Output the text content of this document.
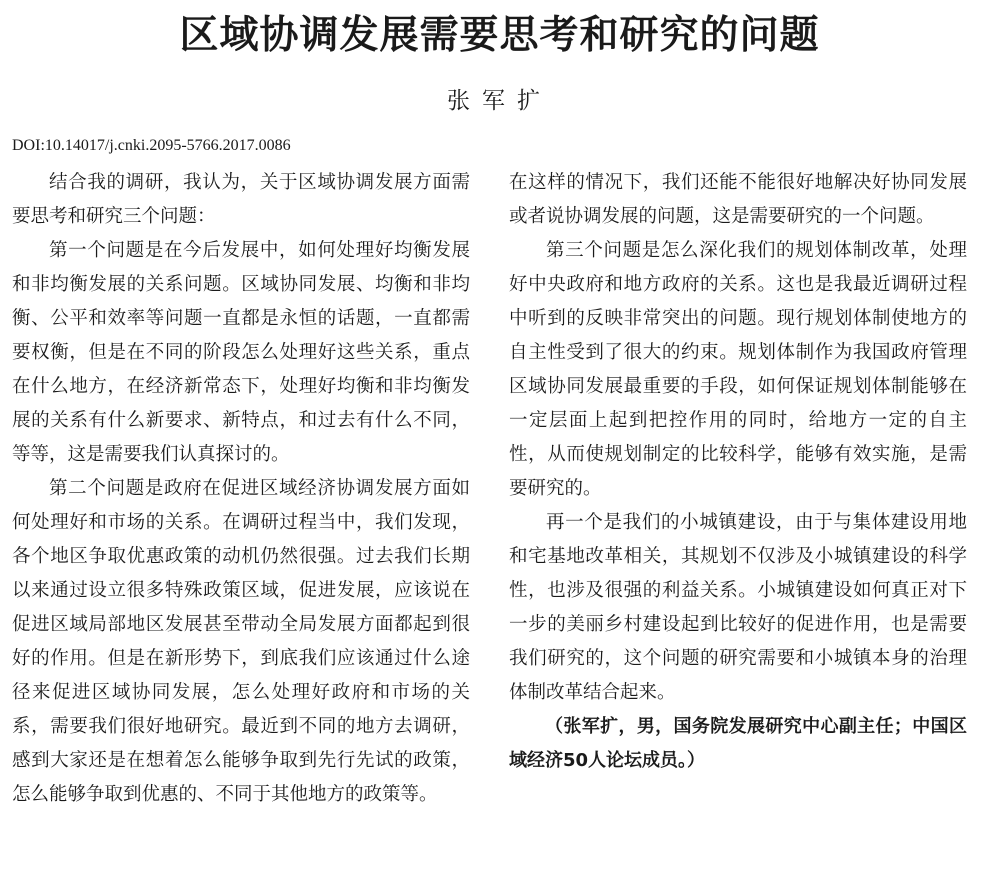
区域协调发展需要思考和研究的问题
张军扩
DOI:10.14017/j.cnki.2095-5766.2017.0086

结合我的调研，我认为，关于区域协调发展方面需要思考和研究三个问题：

第一个问题是在今后发展中，如何处理好均衡发展和非均衡发展的关系问题。区域协同发展、均衡和非均衡、公平和效率等问题一直都是永恒的话题，一直都需要权衡，但是在不同的阶段怎么处理好这些关系，重点在什么地方，在经济新常态下，处理好均衡和非均衡发展的关系有什么新要求、新特点，和过去有什么不同，等等，这是需要我们认真探讨的。

第二个问题是政府在促进区域经济协调发展方面如何处理好和市场的关系。在调研过程当中，我们发现，各个地区争取优惠政策的动机仍然很强。过去我们长期以来通过设立很多特殊政策区域，促进发展，应该说在促进区域局部地区发展甚至带动全局发展方面都起到很好的作用。但是在新形势下，到底我们应该通过什么途径来促进区域协同发展，怎么处理好政府和市场的关系，需要我们很好地研究。最近到不同的地方去调研，感到大家还是在想着怎么能够争取到先行先试的政策，怎么能够争取到优惠的、不同于其他地方的政策等。

在这样的情况下，我们还能不能很好地解决好协同发展或者说协调发展的问题，这是需要研究的一个问题。

第三个问题是怎么深化我们的规划体制改革，处理好中央政府和地方政府的关系。这也是我最近调研过程中听到的反映非常突出的问题。现行规划体制使地方的自主性受到了很大的约束。规划体制作为我国政府管理区域协同发展最重要的手段，如何保证规划体制能够在一定层面上起到把控作用的同时，给地方一定的自主性，从而使规划制定的比较科学，能够有效实施，是需要研究的。

再一个是我们的小城镇建设，由于与集体建设用地和宅基地改革相关，其规划不仅涉及小城镇建设的科学性，也涉及很强的利益关系。小城镇建设如何真正对下一步的美丽乡村建设起到比较好的促进作用，也是需要我们研究的，这个问题的研究需要和小城镇本身的治理体制改革结合起来。

（张军扩，男，国务院发展研究中心副主任；中国区域经济50人论坛成员。）
